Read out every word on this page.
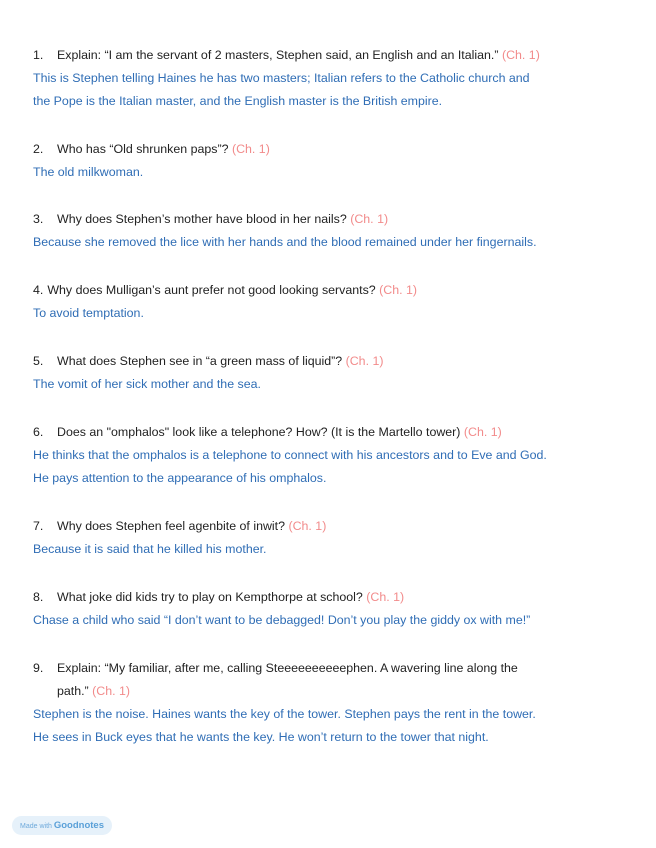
1. Explain: “I am the servant of 2 masters, Stephen said, an English and an Italian.” (Ch. 1)

This is Stephen telling Haines he has two masters; Italian refers to the Catholic church and
the Pope is the Italian master, and the English master is the British empire.

2. Who has “Old shrunken paps”? (Ch. 1)

The old milkwoman.

3. Why does Stephen’s mother have blood in her nails? (Ch. 1)

Because she removed the lice with her hands and the blood remained under her fingernails.

4. Why does Mulligan’s aunt prefer not good looking servants? (Ch. 1)

To avoid temptation.

5. What does Stephen see in “a green mass of liquid”? (Ch. 1)

The vomit of her sick mother and the sea.

6. Does an "omphalos" look like a telephone? How? (It is the Martello tower) (Ch. 1)

He thinks that the omphalos is a telephone to connect with his ancestors and to Eve and God.
He pays attention to the appearance of his omphalos.

7. Why does Stephen feel agenbite of inwit? (Ch. 1)

Because it is said that he killed his mother.

8. What joke did kids try to play on Kempthorpe at school? (Ch. 1)

Chase a child who said “I don’t want to be debagged! Don’t you play the giddy ox with me!”

9. Explain: “My familiar, after me, calling Steeeeeeeeeephen. A wavering line along the
path.” (Ch. 1)

Stephen is the noise. Haines wants the key of the tower. Stephen pays the rent in the tower.
He sees in Buck eyes that he wants the key. He won’t return to the tower that night.

Made with Goodnotes
